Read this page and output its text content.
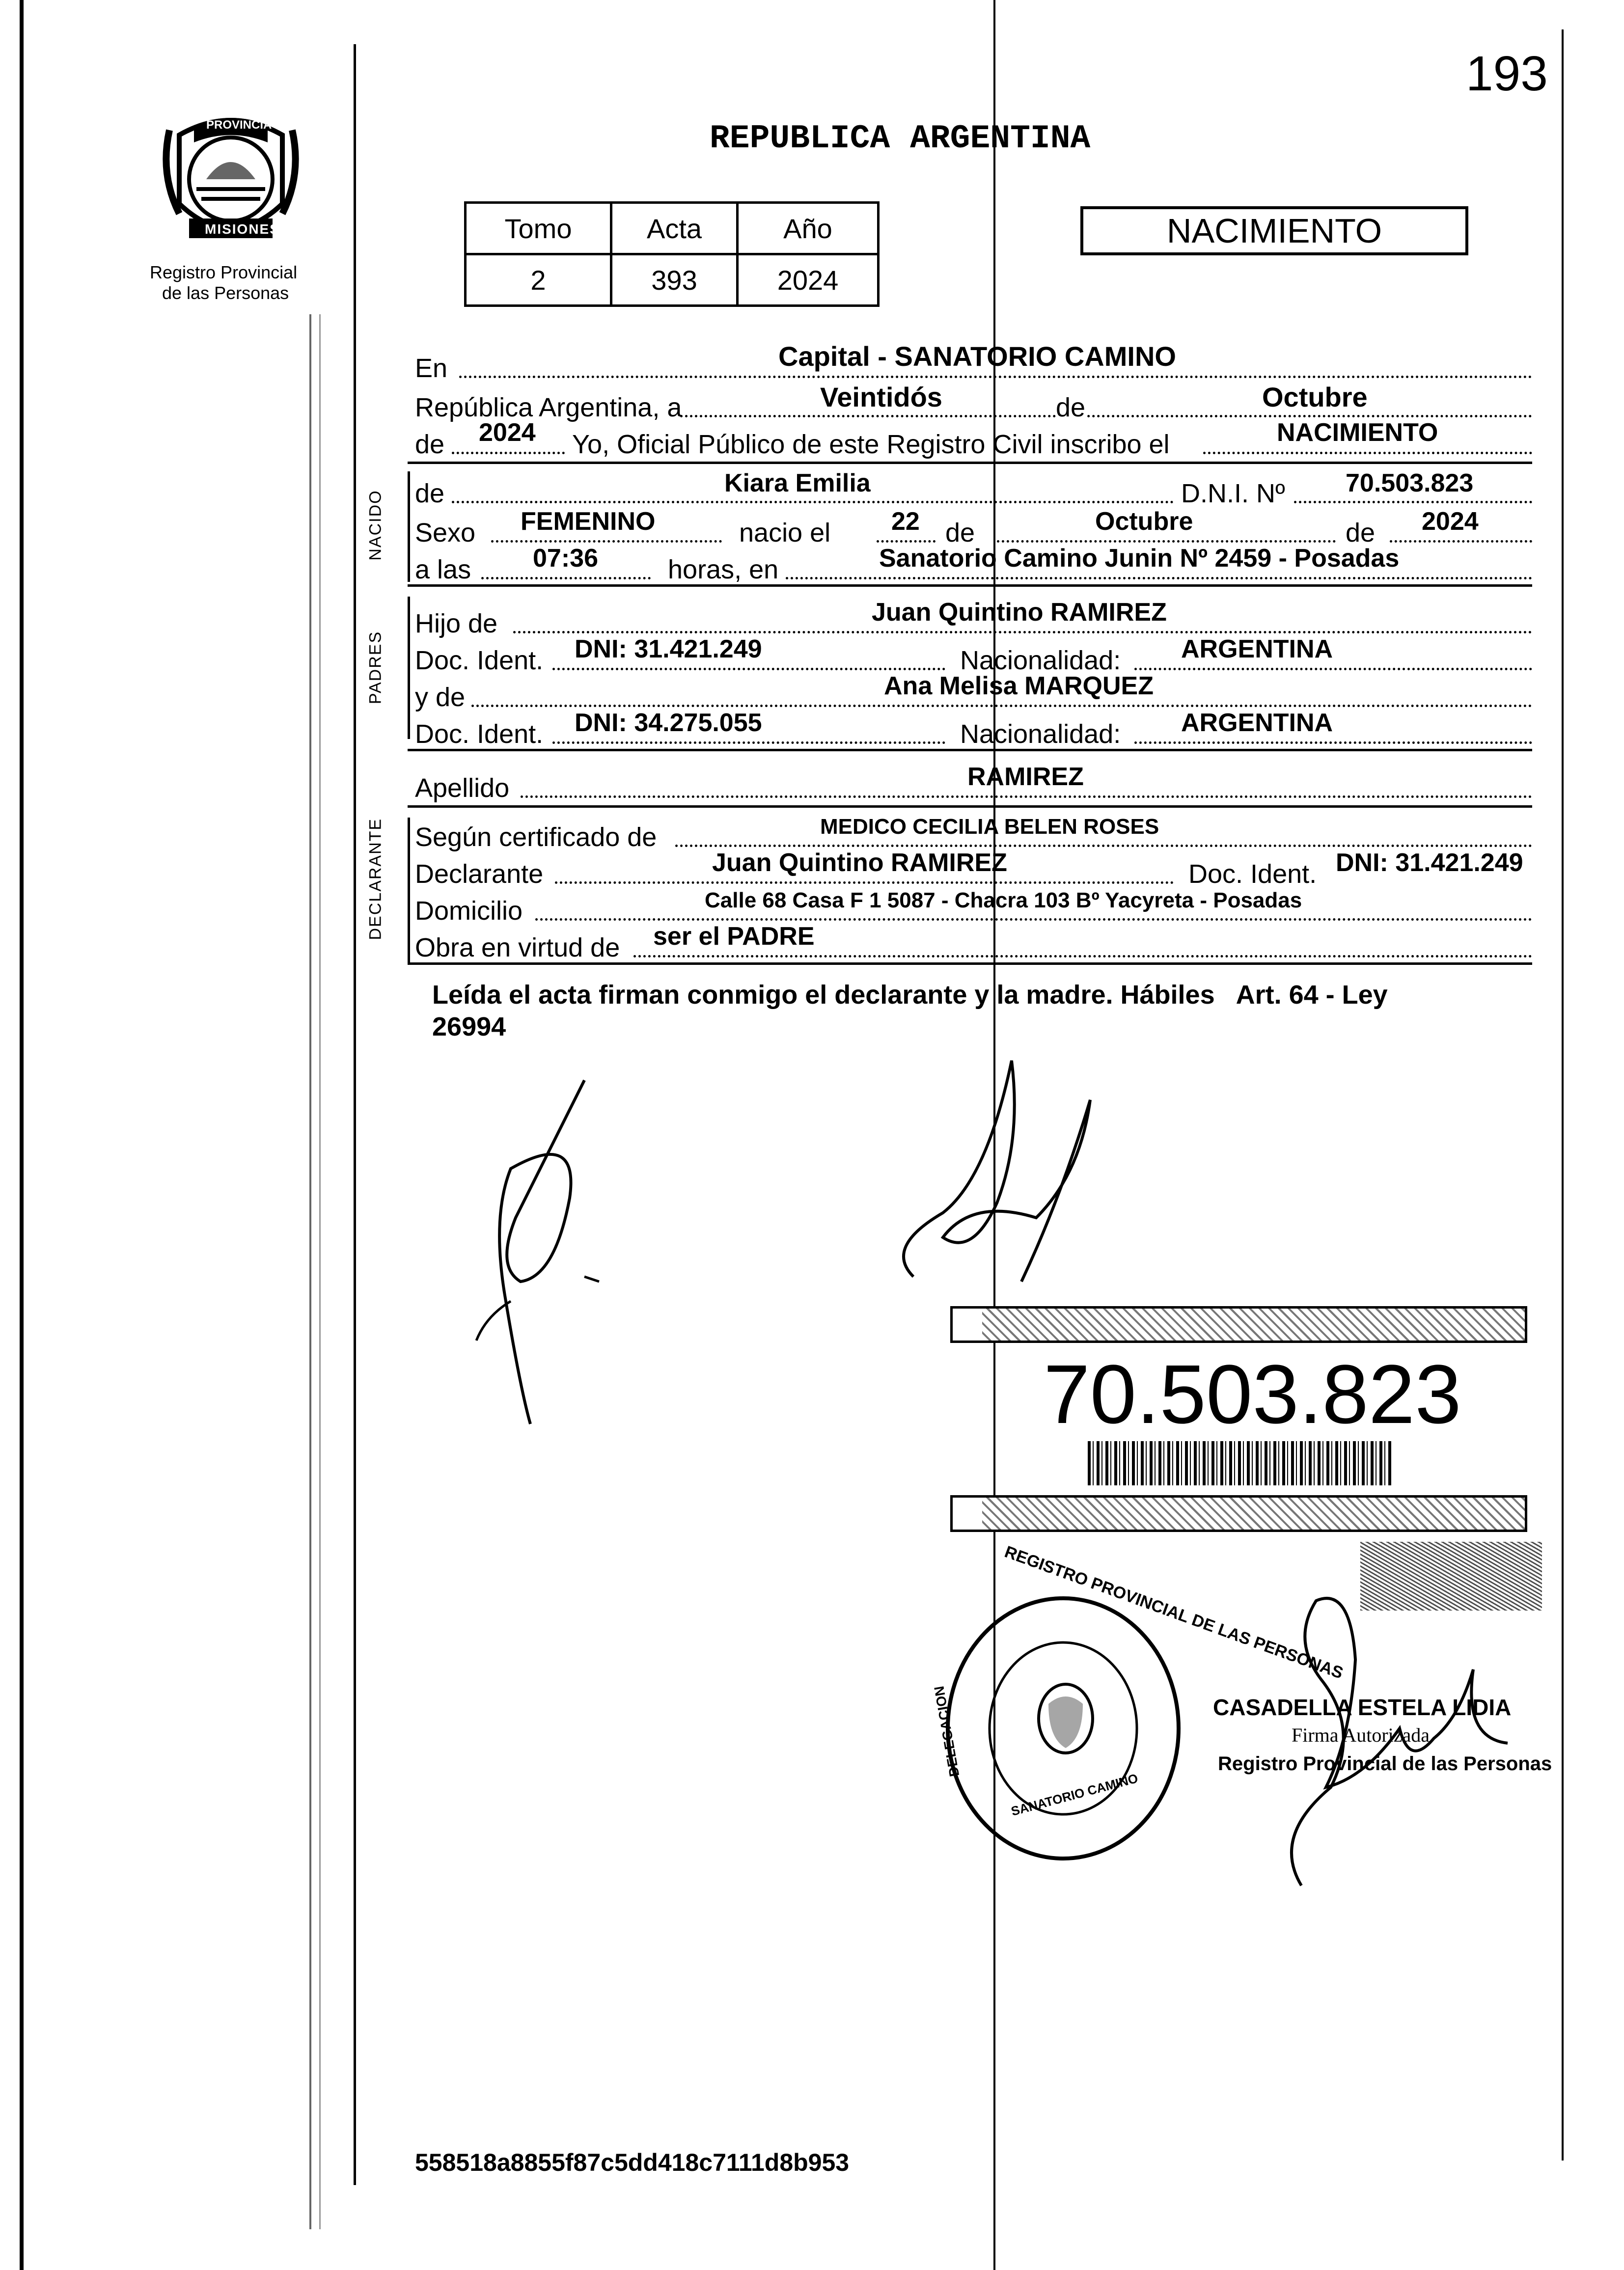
193
PROVINCIA DE
MISIONES
Registro Provincial
de las Personas
REPUBLICA ARGENTINA
Tomo	Acta	Año
2	393	2024
NACIMIENTO
En	Capital - SANATORIO CAMINO
República Argentina, a	Veintidós	de	Octubre
de 2024 Yo, Oficial Público de este Registro Civil inscribo el	NACIMIENTO
NACIDO de	Kiara Emilia	D.N.I. Nº 70.503.823
Sexo FEMENINO	nacio el 22 de	Octubre	de 2024
a las 07:36	horas, en	Sanatorio Camino Junin Nº 2459 - Posadas
PADRES
Hijo de	Juan Quintino RAMIREZ
Doc. Ident. DNI: 31.421.249	Nacionalidad: ARGENTINA
y de	Ana Melisa MARQUEZ
Doc. Ident. DNI: 34.275.055	Nacionalidad: ARGENTINA
Apellido	RAMIREZ
DECLARANTE Según certificado de	MEDICO CECILIA BELEN ROSES
Declarante	Juan Quintino RAMIREZ	Doc. Ident. DNI: 31.421.249
Domicilio	Calle 68 Casa F 1 5087 - Chacra 103 Bº Yacyreta - Posadas
Obra en virtud de ser el PADRE
Leída el acta firman conmigo el declarante y la madre. Hábiles   Art. 64 - Ley
26994
70.503.823
REGISTRO PROVINCIAL DE LAS PERSONAS
SANATORIO CAMINO
DELEGACION	CASADELLA ESTELA LIDIA
Firma Autorizada
Registro Provincial de las Personas
558518a8855f87c5dd418c7111d8b953
